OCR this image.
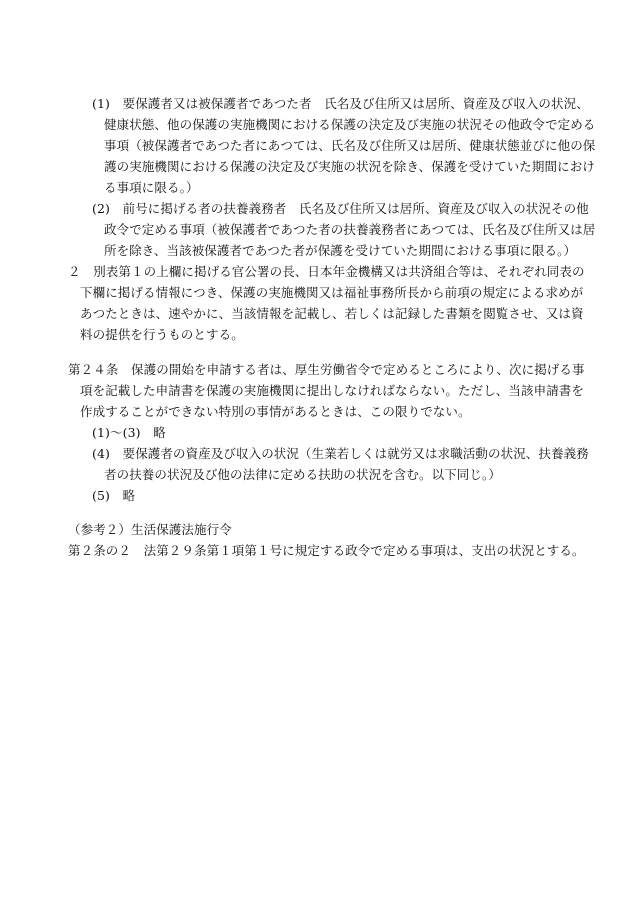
(1)　要保護者又は被保護者であつた者　氏名及び住所又は居所、資産及び収入の状況、
健康状態、他の保護の実施機関における保護の決定及び実施の状況その他政令で定める
事項（被保護者であつた者にあつては、氏名及び住所又は居所、健康状態並びに他の保
護の実施機関における保護の決定及び実施の状況を除き、保護を受けていた期間におけ
る事項に限る。）
(2)　前号に掲げる者の扶養義務者　氏名及び住所又は居所、資産及び収入の状況その他
政令で定める事項（被保護者であつた者の扶養義務者にあつては、氏名及び住所又は居
所を除き、当該被保護者であつた者が保護を受けていた期間における事項に限る。）
２　別表第１の上欄に掲げる官公署の長、日本年金機構又は共済組合等は、それぞれ同表の
下欄に掲げる情報につき、保護の実施機関又は福祉事務所長から前項の規定による求めが
あつたときは、速やかに、当該情報を記載し、若しくは記録した書類を閲覧させ、又は資
料の提供を行うものとする。
第２４条　保護の開始を申請する者は、厚生労働省令で定めるところにより、次に掲げる事
項を記載した申請書を保護の実施機関に提出しなければならない。ただし、当該申請書を
作成することができない特別の事情があるときは、この限りでない。
(1)～(3)　略
(4)　要保護者の資産及び収入の状況（生業若しくは就労又は求職活動の状況、扶養義務
者の扶養の状況及び他の法律に定める扶助の状況を含む。以下同じ。）
(5)　略
（参考２）生活保護法施行令
第２条の２　法第２９条第１項第１号に規定する政令で定める事項は、支出の状況とする。
